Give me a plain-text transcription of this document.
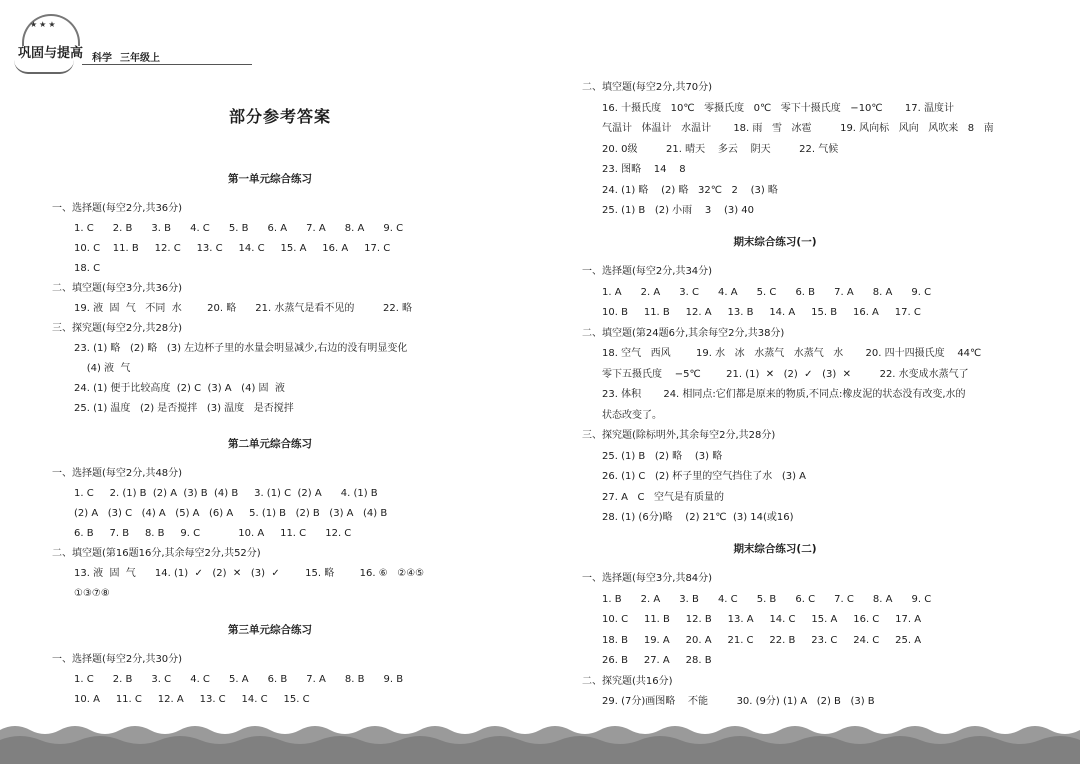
★★★
巩固与提高 科学 三年级上
部分参考答案
第一单元综合练习
一、选择题(每空2分,共36分)
1. C      2. B      3. B      4. C      5. B      6. A      7. A      8. A      9. C
10. C    11. B     12. C     13. C     14. C     15. A     16. A     17. C
18. C
二、填空题(每空3分,共36分)
19. 液  固  气   不同  水        20. 略      21. 水蒸气是看不见的         22. 略
三、探究题(每空2分,共28分)
23. (1) 略   (2) 略   (3) 左边杯子里的水量会明显减少,右边的没有明显变化
(4) 液  气
24. (1) 便于比较高度  (2) C  (3) A   (4) 固  液
25. (1) 温度   (2) 是否搅拌   (3) 温度   是否搅拌
第二单元综合练习
一、选择题(每空2分,共48分)
1. C     2. (1) B  (2) A  (3) B  (4) B     3. (1) C  (2) A      4. (1) B
(2) A   (3) C   (4) A   (5) A   (6) A     5. (1) B   (2) B   (3) A   (4) B
6. B     7. B     8. B     9. C            10. A     11. C      12. C
二、填空题(第16题16分,其余每空2分,共52分)
13. 液  固  气      14. (1)  ✓   (2)  ✕   (3)  ✓        15. 略        16. ⑥   ②④⑤
①③⑦⑧
第三单元综合练习
一、选择题(每空2分,共30分)
1. C      2. B      3. C      4. C      5. A      6. B      7. A      8. B      9. B
10. A     11. C     12. A     13. C     14. C     15. C
二、填空题(每空2分,共70分)
16. 十摄氏度   10℃   零摄氏度   0℃   零下十摄氏度   −10℃       17. 温度计
气温计   体温计   水温计       18. 雨   雪   冰雹         19. 风向标   风向   风吹来   8   南
20. 0级         21. 晴天    多云    阴天         22. 气候
23. 图略    14    8
24. (1) 略    (2) 略   32℃   2    (3) 略
25. (1) B   (2) 小雨    3    (3) 40
期末综合练习(一)
一、选择题(每空2分,共34分)
1. A      2. A      3. C      4. A      5. C      6. B      7. A      8. A      9. C
10. B     11. B     12. A     13. B     14. A     15. B     16. A     17. C
二、填空题(第24题6分,其余每空2分,共38分)
18. 空气   西风        19. 水   冰   水蒸气   水蒸气   水       20. 四十四摄氏度    44℃
零下五摄氏度    −5℃        21. (1)  ✕   (2)  ✓   (3)  ✕         22. 水变成水蒸气了
23. 体积       24. 相同点:它们都是原来的物质,不同点:橡皮泥的状态没有改变,水的
状态改变了。
三、探究题(除标明外,其余每空2分,共28分)
25. (1) B   (2) 略    (3) 略
26. (1) C   (2) 杯子里的空气挡住了水   (3) A
27. A   C   空气是有质量的
28. (1) (6分)略    (2) 21℃  (3) 14(或16)
期末综合练习(二)
一、选择题(每空3分,共84分)
1. B      2. A      3. B      4. C      5. B      6. C      7. C      8. A      9. C
10. C     11. B     12. B     13. A     14. C     15. A     16. C     17. A
18. B     19. A     20. A     21. C     22. B     23. C     24. C     25. A
26. B     27. A     28. B
二、探究题(共16分)
29. (7分)画图略    不能         30. (9分) (1) A   (2) B   (3) B
